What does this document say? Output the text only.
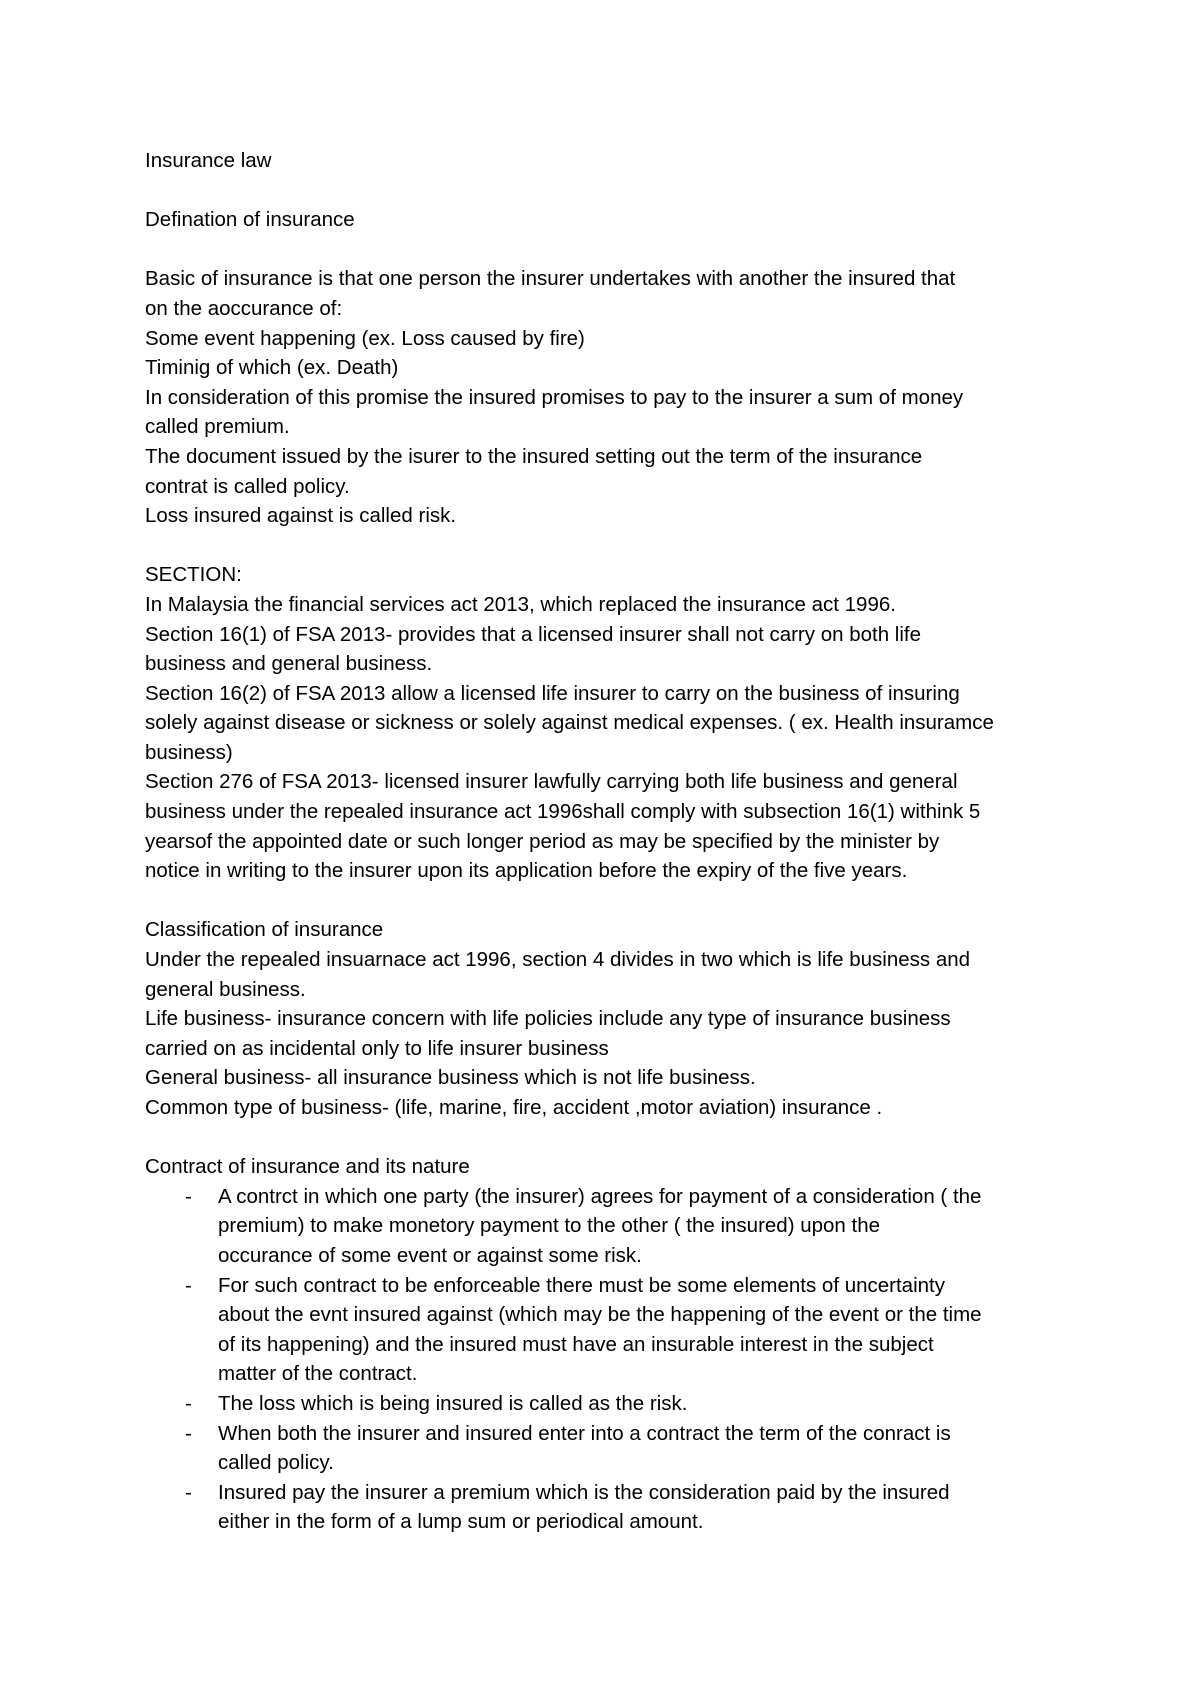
Insurance law

Defination of insurance

Basic of insurance is that one person the insurer undertakes with another the insured that

on the aoccurance of:

Some event happening (ex. Loss caused by fire)

Timinig of which (ex. Death)

In consideration of this promise the insured promises to pay to the insurer a sum of money

called premium.

The document issued by the isurer to the insured setting out the term of the insurance

contrat is called policy.

Loss insured against is called risk.

SECTION:

In Malaysia the financial services act 2013, which replaced the insurance act 1996.

Section 16(1) of FSA 2013- provides that a licensed insurer shall not carry on both life

business and general business.

Section 16(2) of FSA 2013 allow a licensed life insurer to carry on the business of insuring

solely against disease or sickness or solely against medical expenses. ( ex. Health insuramce

business)

Section 276 of FSA 2013- licensed insurer lawfully carrying both life business and general

business under the repealed insurance act 1996shall comply with subsection 16(1) withink 5

yearsof the appointed date or such longer period as may be specified by the minister by

notice in writing to the insurer upon its application before the expiry of the five years.

Classification of insurance

Under the repealed insuarnace act 1996, section 4 divides in two which is life business and

general business.

Life business- insurance concern with life policies include any type of insurance business

carried on as incidental only to life insurer business

General business- all insurance business which is not life business.

Common type of business- (life, marine, fire, accident ,motor aviation) insurance .

Contract of insurance and its nature

-	A contrct in which one party (the insurer) agrees for payment of a consideration ( the

premium) to make monetory payment to the other ( the insured) upon the

occurance of some event or against some risk.

-	For such contract to be enforceable there must be some elements of uncertainty

about the evnt insured against (which may be the happening of the event or the time

of its happening) and the insured must have an insurable interest in the subject

matter of the contract.

-	The loss which is being insured is called as the risk.

-	When both the insurer and insured enter into a contract the term of the conract is

called policy.

-	Insured pay the insurer a premium which is the consideration paid by the insured

either in the form of a lump sum or periodical amount.
